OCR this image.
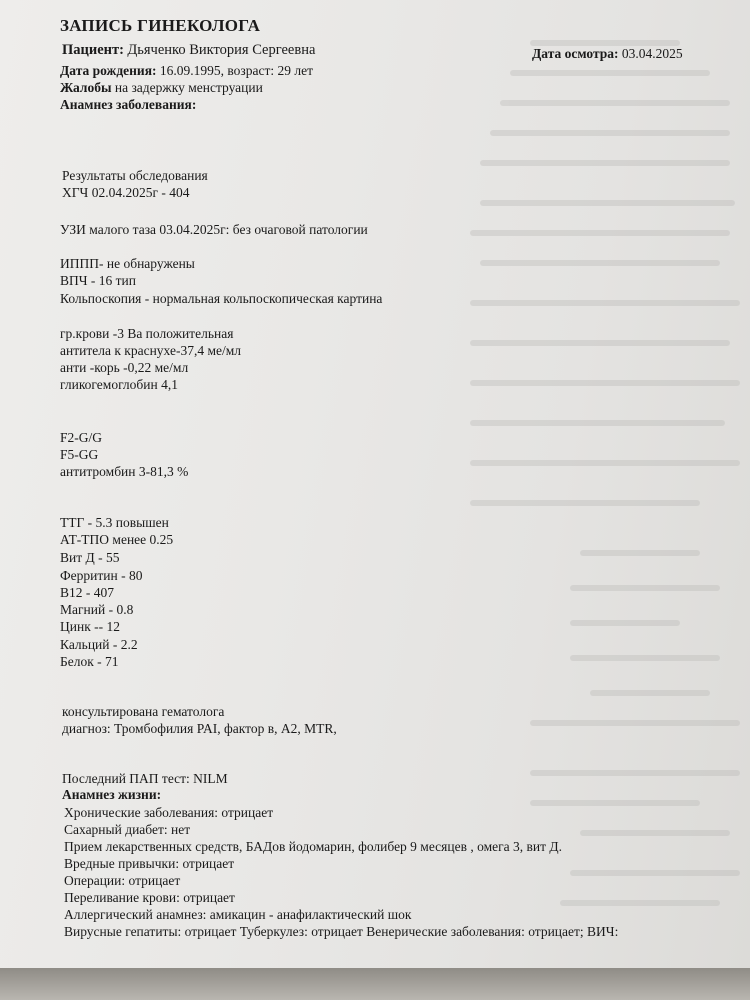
ЗАПИСЬ ГИНЕКОЛОГА
Пациент: Дьяченко Виктория Сергеевна	Дата осмотра: 03.04.2025
Дата рождения: 16.09.1995, возраст: 29 лет
Жалобы на задержку менструации
Анамнез заболевания:
Результаты обследования
ХГЧ 02.04.2025г - 404
УЗИ малого таза 03.04.2025г: без очаговой патологии
ИППП- не обнаружены
ВПЧ - 16 тип
Кольпоскопия - нормальная кольпоскопическая картина
гр.крови -3 Ва положительная
антитела к краснухе-37,4 ме/мл
анти -корь -0,22 ме/мл
гликогемоглобин 4,1
F2-G/G
F5-GG
антитромбин 3-81,3 %
ТТГ - 5.3 повышен
АТ-ТПО менее 0.25
Вит Д - 55
Ферритин - 80
В12 - 407
Магний - 0.8
Цинк -- 12
Кальций - 2.2
Белок - 71
консультирована гематолога
диагноз: Тромбофилия PAI, фактор в, А2, MTR,
Последний ПАП тест: NILM
Анамнез жизни:
Хронические заболевания: отрицает
Сахарный диабет: нет
Прием лекарственных средств, БАДов йодомарин, фолибер 9 месяцев , омега 3, вит Д.
Вредные привычки: отрицает
Операции: отрицает
Переливание крови: отрицает
Аллергический анамнез: амикацин - анафилактический шок
Вирусные гепатиты: отрицает Туберкулез: отрицает Венерические заболевания: отрицает; ВИЧ:
